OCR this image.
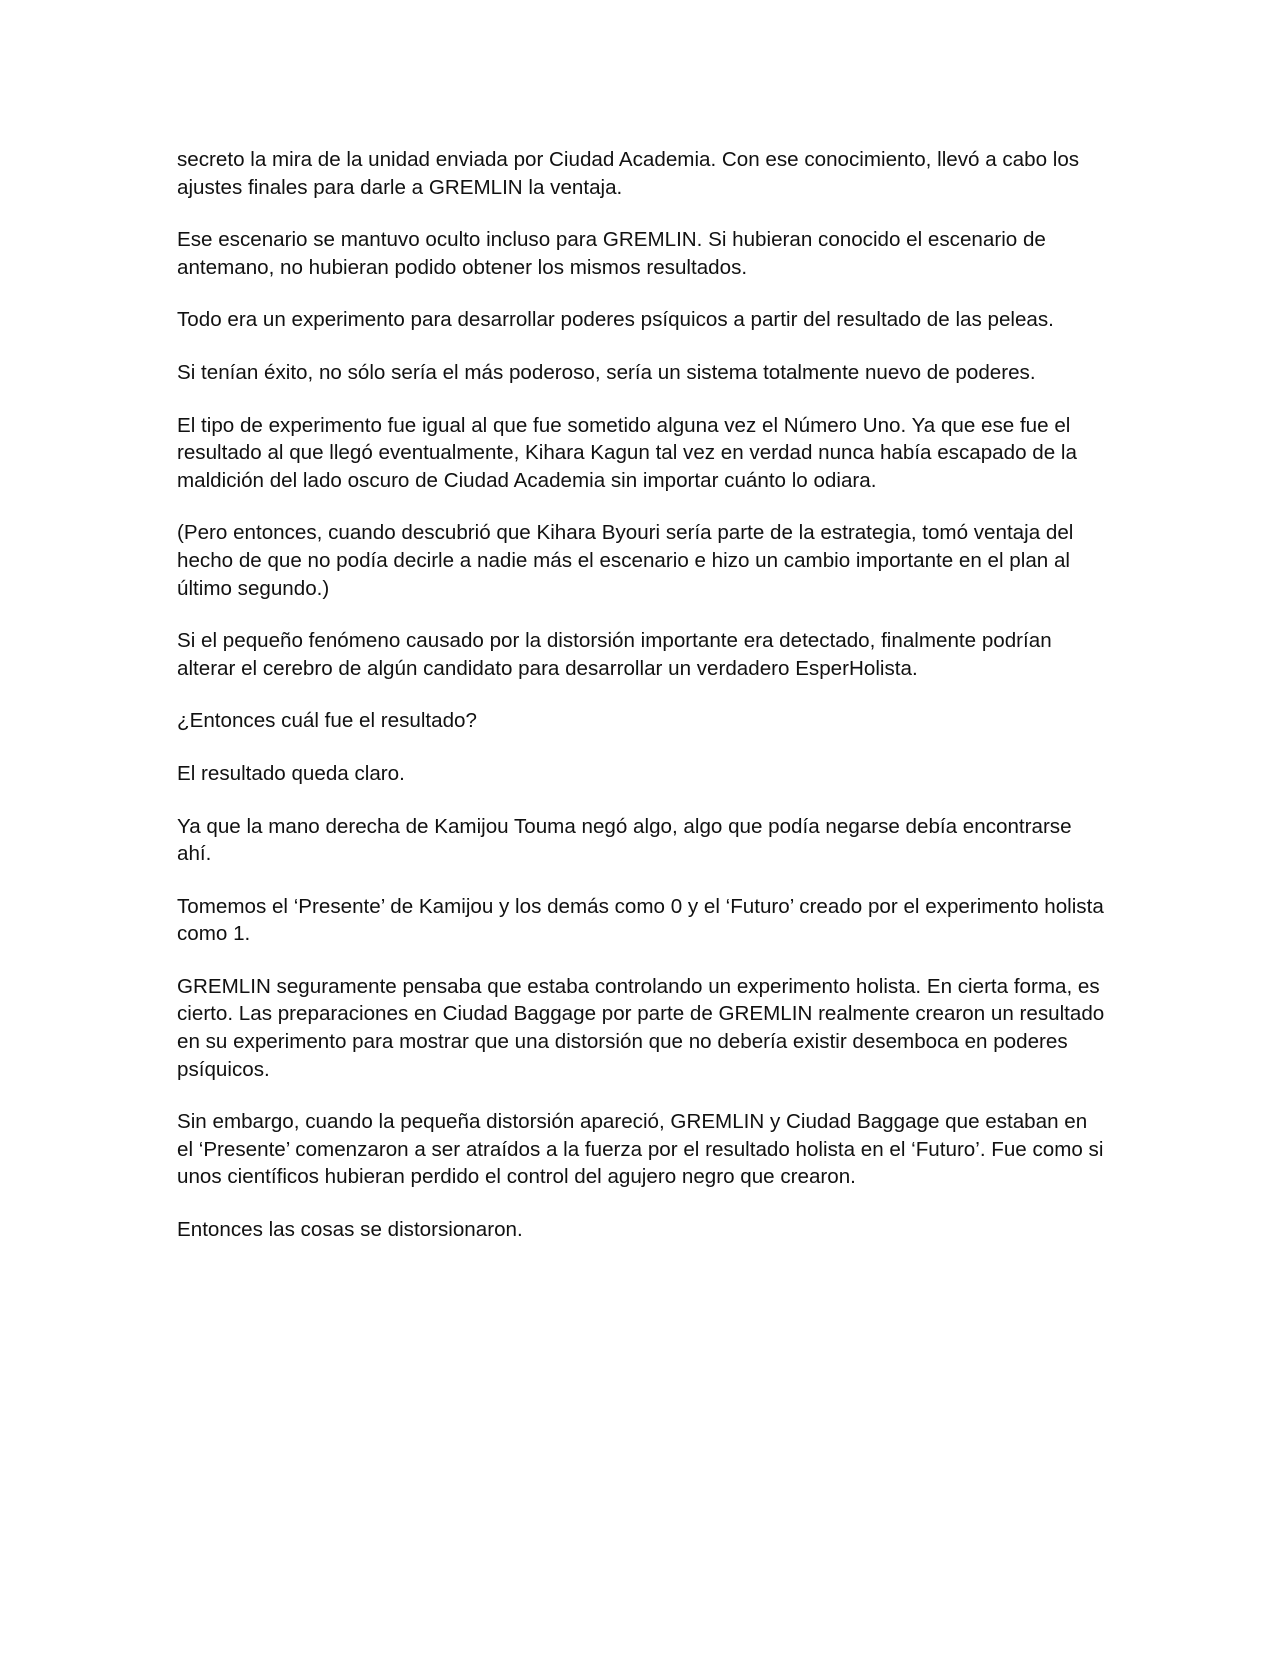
secreto la mira de la unidad enviada por Ciudad Academia. Con ese conocimiento, llevó a cabo los ajustes finales para darle a GREMLIN la ventaja.

Ese escenario se mantuvo oculto incluso para GREMLIN. Si hubieran conocido el escenario de antemano, no hubieran podido obtener los mismos resultados.

Todo era un experimento para desarrollar poderes psíquicos a partir del resultado de las peleas.

Si tenían éxito, no sólo sería el más poderoso, sería un sistema totalmente nuevo de poderes.

El tipo de experimento fue igual al que fue sometido alguna vez el Número Uno. Ya que ese fue el resultado al que llegó eventualmente, Kihara Kagun tal vez en verdad nunca había escapado de la maldición del lado oscuro de Ciudad Academia sin importar cuánto lo odiara.

(Pero entonces, cuando descubrió que Kihara Byouri sería parte de la estrategia, tomó ventaja del hecho de que no podía decirle a nadie más el escenario e hizo un cambio importante en el plan al último segundo.)

Si el pequeño fenómeno causado por la distorsión importante era detectado, finalmente podrían alterar el cerebro de algún candidato para desarrollar un verdadero EsperHolista.

¿Entonces cuál fue el resultado?

El resultado queda claro.

Ya que la mano derecha de Kamijou Touma negó algo, algo que podía negarse debía encontrarse ahí.

Tomemos el ‘Presente’ de Kamijou y los demás como 0 y el ‘Futuro’ creado por el experimento holista como 1.

GREMLIN seguramente pensaba que estaba controlando un experimento holista. En cierta forma, es cierto. Las preparaciones en Ciudad Baggage por parte de GREMLIN realmente crearon un resultado en su experimento para mostrar que una distorsión que no debería existir desemboca en poderes psíquicos.

Sin embargo, cuando la pequeña distorsión apareció, GREMLIN y Ciudad Baggage que estaban en el ‘Presente’ comenzaron a ser atraídos a la fuerza por el resultado holista en el ‘Futuro’. Fue como si unos científicos hubieran perdido el control del agujero negro que crearon.

Entonces las cosas se distorsionaron.
